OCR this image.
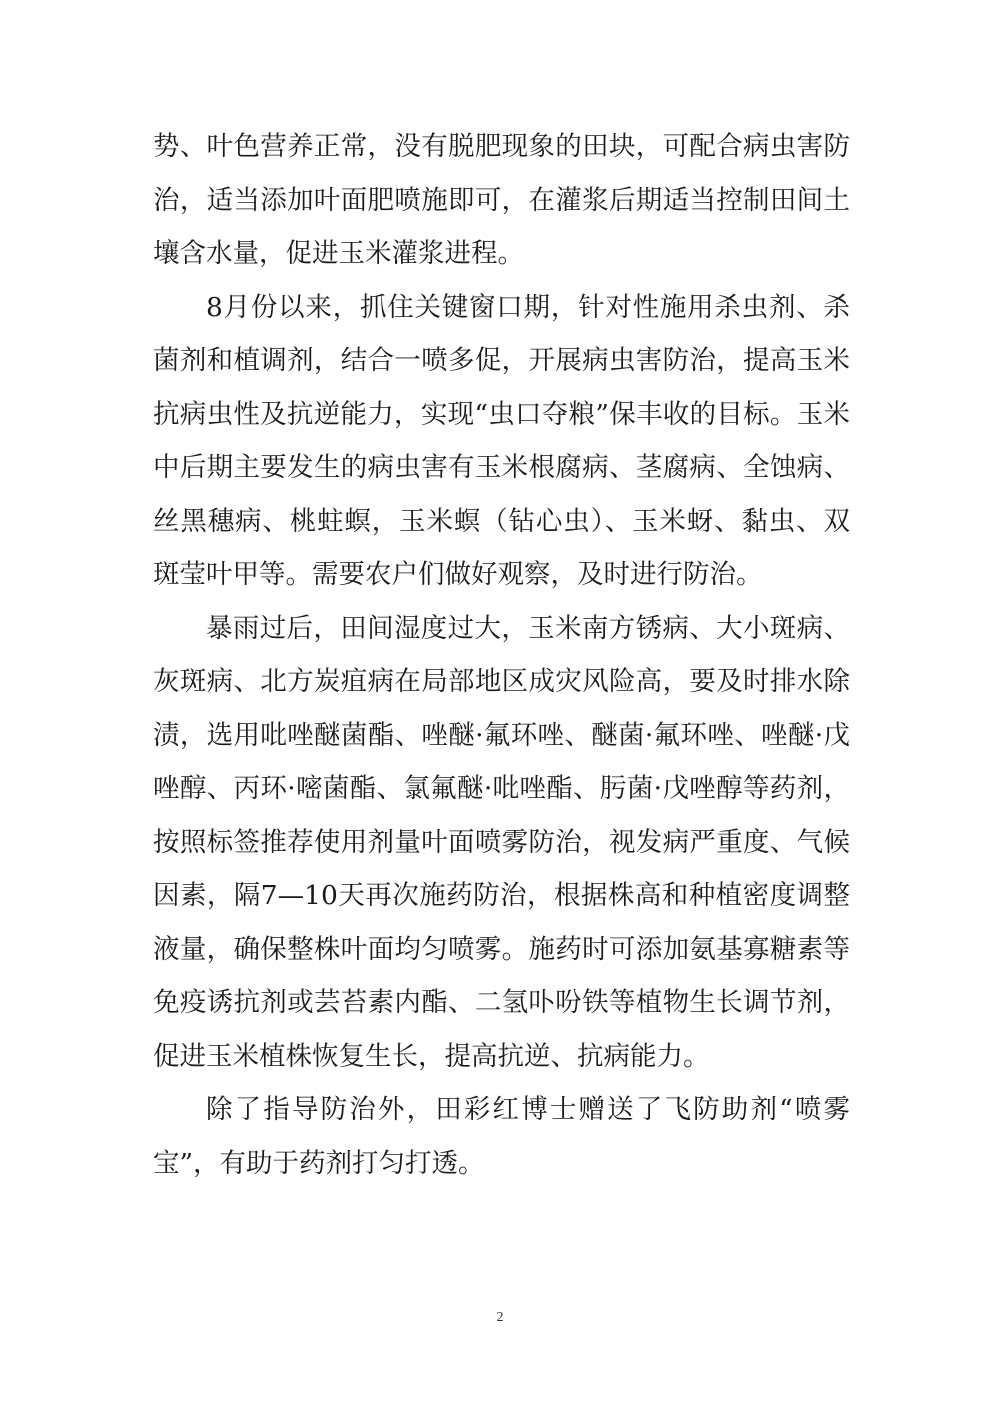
势、叶色营养正常，没有脱肥现象的田块，可配合病虫害防治，适当添加叶面肥喷施即可，在灌浆后期适当控制田间土壤含水量，促进玉米灌浆进程。

8月份以来，抓住关键窗口期，针对性施用杀虫剂、杀菌剂和植调剂，结合一喷多促，开展病虫害防治，提高玉米抗病虫性及抗逆能力，实现“虫口夺粮”保丰收的目标。玉米中后期主要发生的病虫害有玉米根腐病、茎腐病、全蚀病、丝黑穗病、桃蛀螟，玉米螟（钻心虫）、玉米蚜、黏虫、双斑莹叶甲等。需要农户们做好观察，及时进行防治。

暴雨过后，田间湿度过大，玉米南方锈病、大小斑病、灰斑病、北方炭疽病在局部地区成灾风险高，要及时排水除渍，选用吡唑醚菌酯、唑醚·氟环唑、醚菌·氟环唑、唑醚·戊唑醇、丙环·嘧菌酯、氯氟醚·吡唑酯、肟菌·戊唑醇等药剂，按照标签推荐使用剂量叶面喷雾防治，视发病严重度、气候因素，隔7—10天再次施药防治，根据株高和种植密度调整液量，确保整株叶面均匀喷雾。施药时可添加氨基寡糖素等免疫诱抗剂或芸苔素内酯、二氢卟吩铁等植物生长调节剂，促进玉米植株恢复生长，提高抗逆、抗病能力。

除了指导防治外，田彩红博士赠送了飞防助剂“喷雾宝”，有助于药剂打匀打透。

2
